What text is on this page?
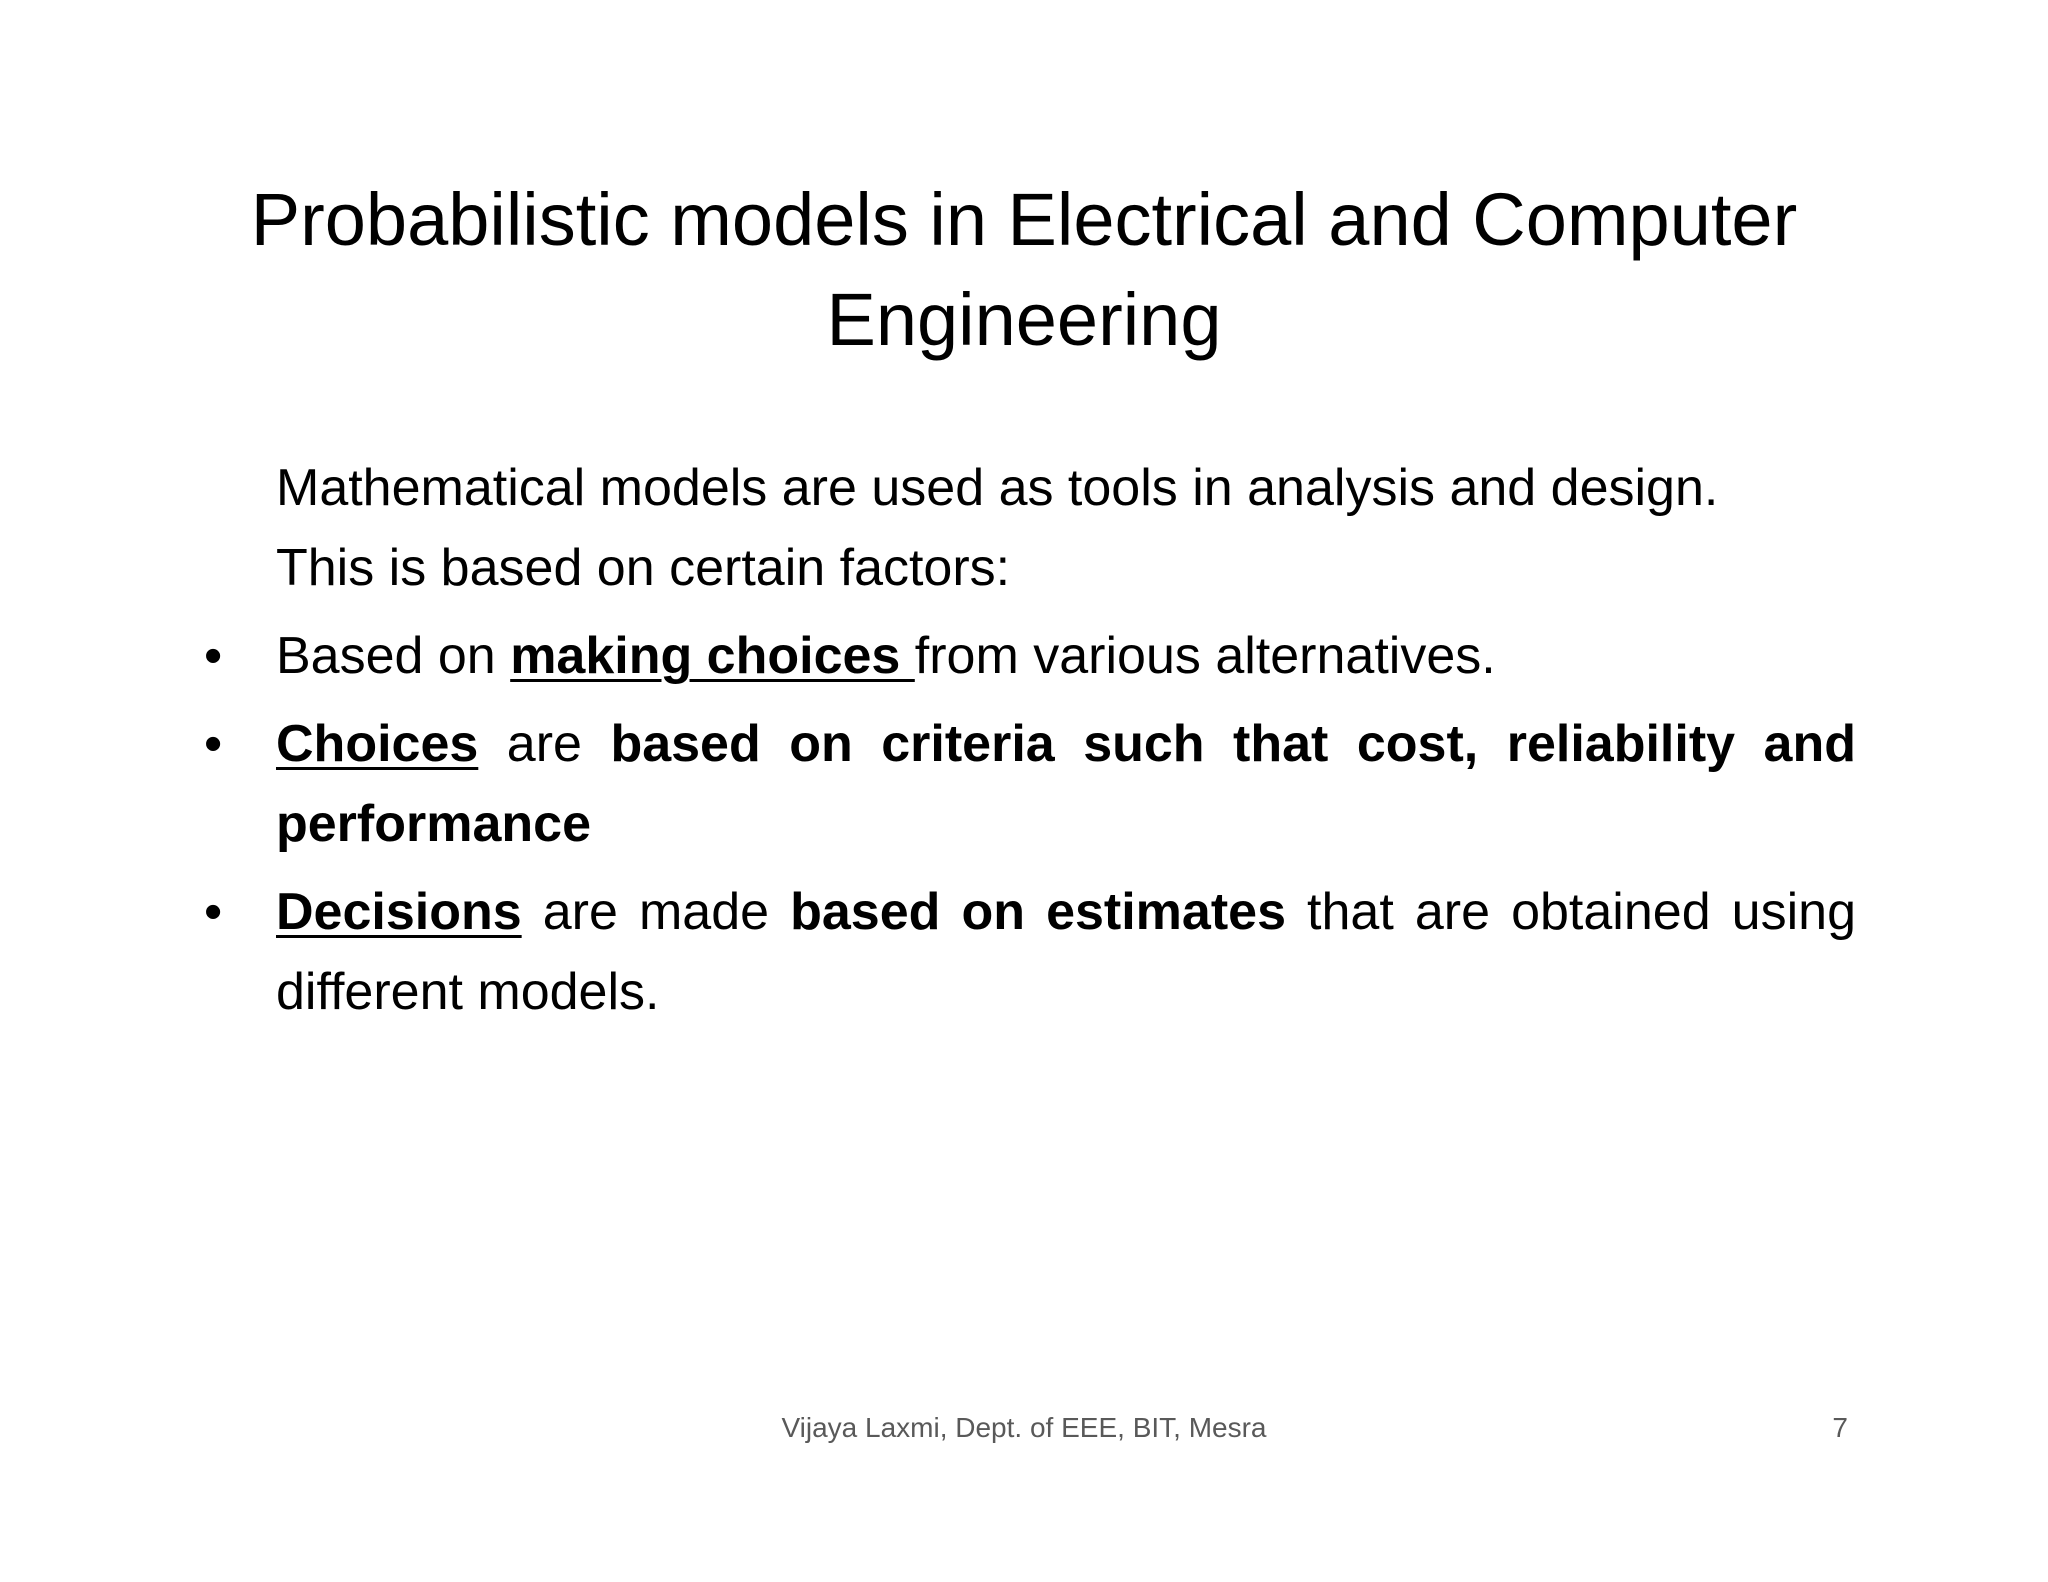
Probabilistic models in Electrical and Computer
Engineering
Mathematical models are used as tools in analysis and design.
This is based on certain factors:
• Based on making choices from various alternatives.
• Choices are based on criteria such that cost, reliability and performance
• Decisions are made based on estimates that are obtained using different models.
Vijaya Laxmi, Dept. of EEE, BIT, Mesra	7
